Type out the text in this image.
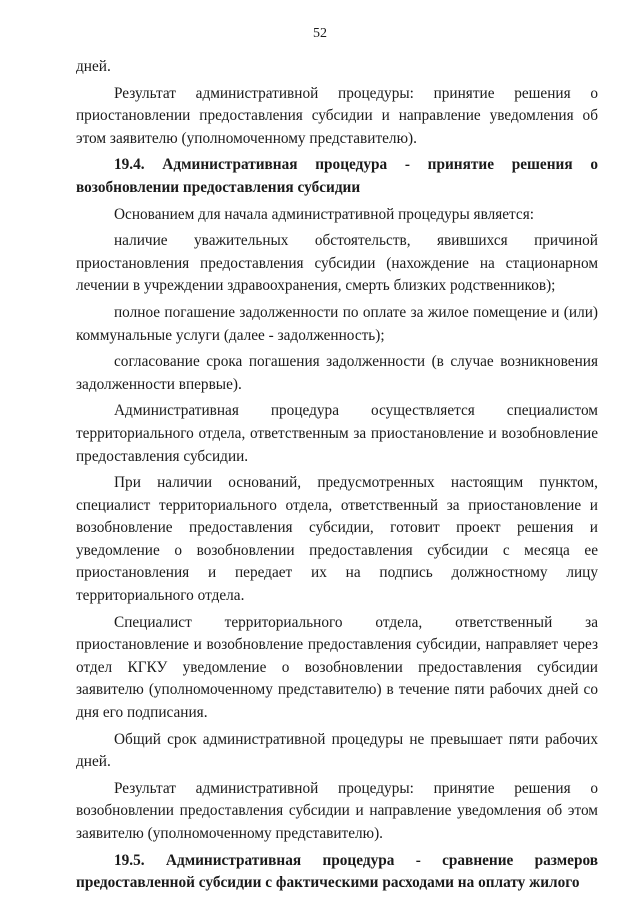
52

дней.

Результат административной процедуры: принятие решения о приостановлении предоставления субсидии и направление уведомления об этом заявителю (уполномоченному представителю).

19.4. Административная процедура - принятие решения о возобновлении предоставления субсидии

Основанием для начала административной процедуры является:

наличие уважительных обстоятельств, явившихся причиной приостановления предоставления субсидии (нахождение на стационарном лечении в учреждении здравоохранения, смерть близких родственников);

полное погашение задолженности по оплате за жилое помещение и (или) коммунальные услуги (далее - задолженность);

согласование срока погашения задолженности (в случае возникновения задолженности впервые).

Административная процедура осуществляется специалистом территориального отдела, ответственным за приостановление и возобновление предоставления субсидии.

При наличии оснований, предусмотренных настоящим пунктом, специалист территориального отдела, ответственный за приостановление и возобновление предоставления субсидии, готовит проект решения и уведомление о возобновлении предоставления субсидии с месяца ее приостановления и передает их на подпись должностному лицу территориального отдела.

Специалист территориального отдела, ответственный за приостановление и возобновление предоставления субсидии, направляет через отдел КГКУ уведомление о возобновлении предоставления субсидии заявителю (уполномоченному представителю) в течение пяти рабочих дней со дня его подписания.

Общий срок административной процедуры не превышает пяти рабочих дней.

Результат административной процедуры: принятие решения о возобновлении предоставления субсидии и направление уведомления об этом заявителю (уполномоченному представителю).

19.5. Административная процедура - сравнение размеров предоставленной субсидии с фактическими расходами на оплату жилого
